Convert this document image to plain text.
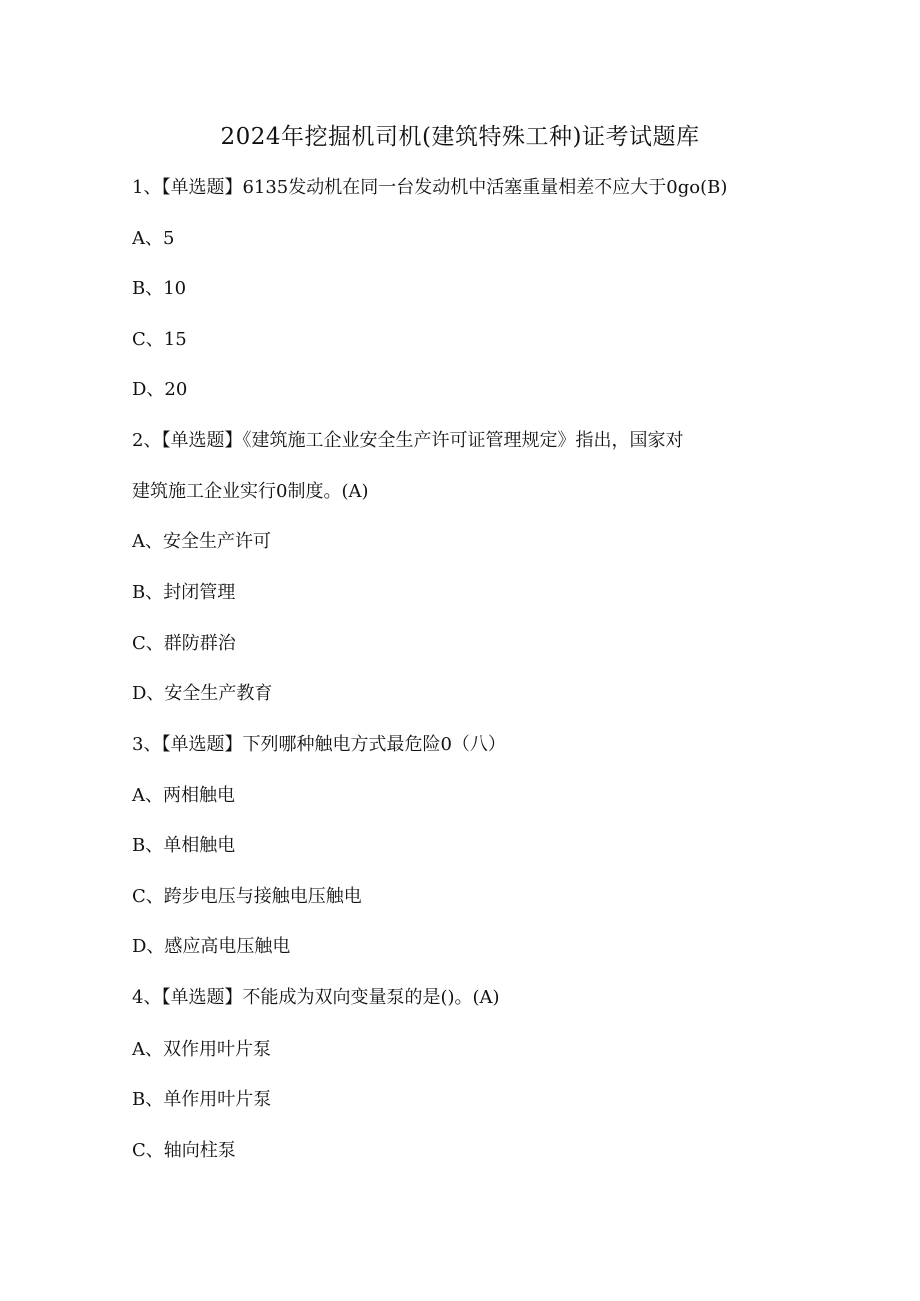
2024年挖掘机司机(建筑特殊工种)证考试题库
1、【单选题】6135发动机在同一台发动机中活塞重量相差不应大于0go(B)
A、5
B、10
C、15
D、20
2、【单选题】《建筑施工企业安全生产许可证管理规定》指出，国家对
建筑施工企业实行0制度。(A)
A、安全生产许可
B、封闭管理
C、群防群治
D、安全生产教育
3、【单选题】下列哪种触电方式最危险0（八）
A、两相触电
B、单相触电
C、跨步电压与接触电压触电
D、感应高电压触电
4、【单选题】不能成为双向变量泵的是()。(A)
A、双作用叶片泵
B、单作用叶片泵
C、轴向柱泵
